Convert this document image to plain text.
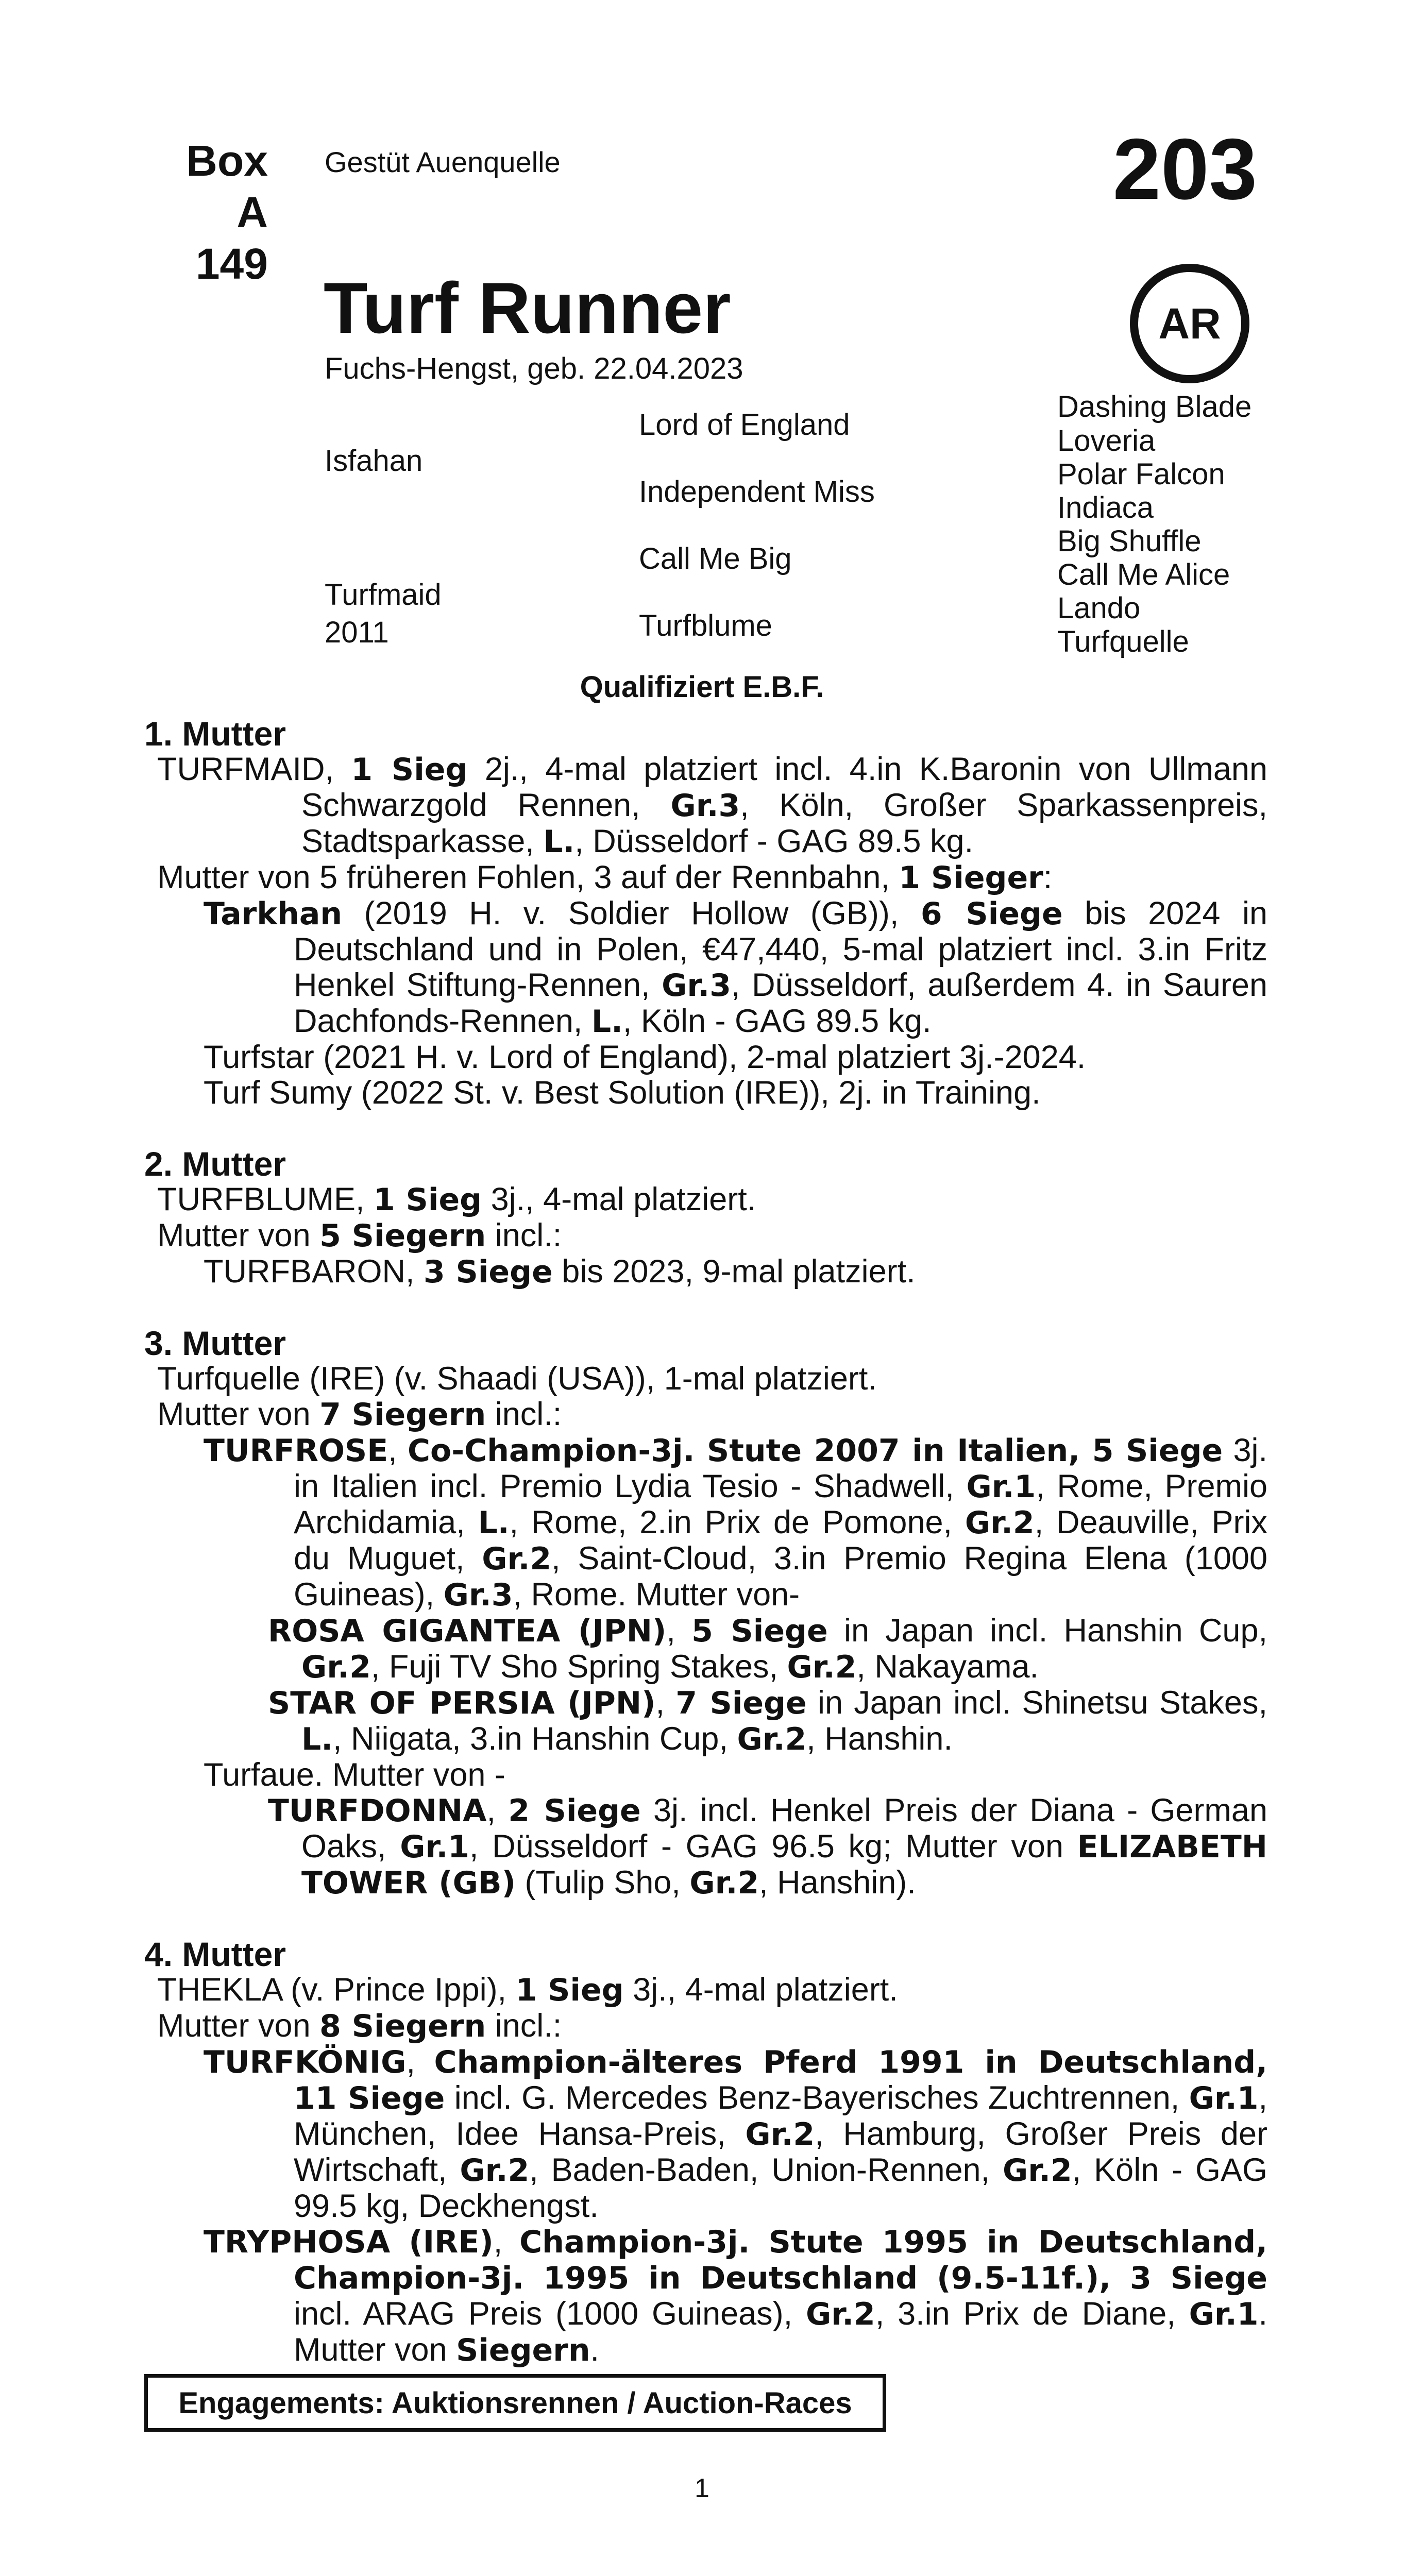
Box
A 149
Gestüt Auenquelle	203
AR
Turf Runner
Fuchs-Hengst, geb. 22.04.2023
Isfahan
Turfmaid
2011
Lord of England
Independent Miss
Call Me Big
Turfblume
Dashing Blade
Loveria
Polar Falcon
Indiaca
Big Shuffle
Call Me Alice
Lando
Turfquelle
Qualifiziert E.B.F.

1. Mutter

TURFMAID, 1 Sieg 2j., 4-mal platziert incl. 4.in K.Baronin von Ullmann Schwarzgold Rennen, Gr.3, Köln, Großer Sparkassenpreis, Stadtsparkasse, L., Düsseldorf - GAG 89.5 kg.

Mutter von 5 früheren Fohlen, 3 auf der Rennbahn, 1 Sieger:

Tarkhan (2019 H. v. Soldier Hollow (GB)), 6 Siege bis 2024 in Deutschland und in Polen, €47,440, 5-mal platziert incl. 3.in Fritz Henkel Stiftung-Rennen, Gr.3, Düsseldorf, außerdem 4. in Sauren Dachfonds-Rennen, L., Köln - GAG 89.5 kg.

Turfstar (2021 H. v. Lord of England), 2-mal platziert 3j.-2024.

Turf Sumy (2022 St. v. Best Solution (IRE)), 2j. in Training.

2. Mutter

TURFBLUME, 1 Sieg 3j., 4-mal platziert.

Mutter von 5 Siegern incl.:

TURFBARON, 3 Siege bis 2023, 9-mal platziert.

3. Mutter

Turfquelle (IRE) (v. Shaadi (USA)), 1-mal platziert.

Mutter von 7 Siegern incl.:

TURFROSE, Co-Champion-3j. Stute 2007 in Italien, 5 Siege 3j. in Italien incl. Premio Lydia Tesio - Shadwell, Gr.1, Rome, Premio Archidamia, L., Rome, 2.in Prix de Pomone, Gr.2, Deauville, Prix du Muguet, Gr.2, Saint-Cloud, 3.in Premio Regina Elena (1000 Guineas), Gr.3, Rome. Mutter von-

ROSA GIGANTEA (JPN), 5 Siege in Japan incl. Hanshin Cup, Gr.2, Fuji TV Sho Spring Stakes, Gr.2, Nakayama.

STAR OF PERSIA (JPN), 7 Siege in Japan incl. Shinetsu Stakes, L., Niigata, 3.in Hanshin Cup, Gr.2, Hanshin.

Turfaue. Mutter von -

TURFDONNA, 2 Siege 3j. incl. Henkel Preis der Diana - German Oaks, Gr.1, Düsseldorf - GAG 96.5 kg; Mutter von ELIZABETH TOWER (GB) (Tulip Sho, Gr.2, Hanshin).

4. Mutter

THEKLA (v. Prince Ippi), 1 Sieg 3j., 4-mal platziert.

Mutter von 8 Siegern incl.:

TURFKÖNIG, Champion-älteres Pferd 1991 in Deutschland, 11 Siege incl. G. Mercedes Benz-Bayerisches Zuchtrennen, Gr.1, München, Idee Hansa-Preis, Gr.2, Hamburg, Großer Preis der Wirtschaft, Gr.2, Baden-Baden, Union-Rennen, Gr.2, Köln - GAG 99.5 kg, Deckhengst.

TRYPHOSA (IRE), Champion-3j. Stute 1995 in Deutschland, Champion-3j. 1995 in Deutschland (9.5-11f.), 3 Siege incl. ARAG Preis (1000 Guineas), Gr.2, 3.in Prix de Diane, Gr.1. Mutter von Siegern.

Engagements: Auktionsrennen / Auction-Races
1
